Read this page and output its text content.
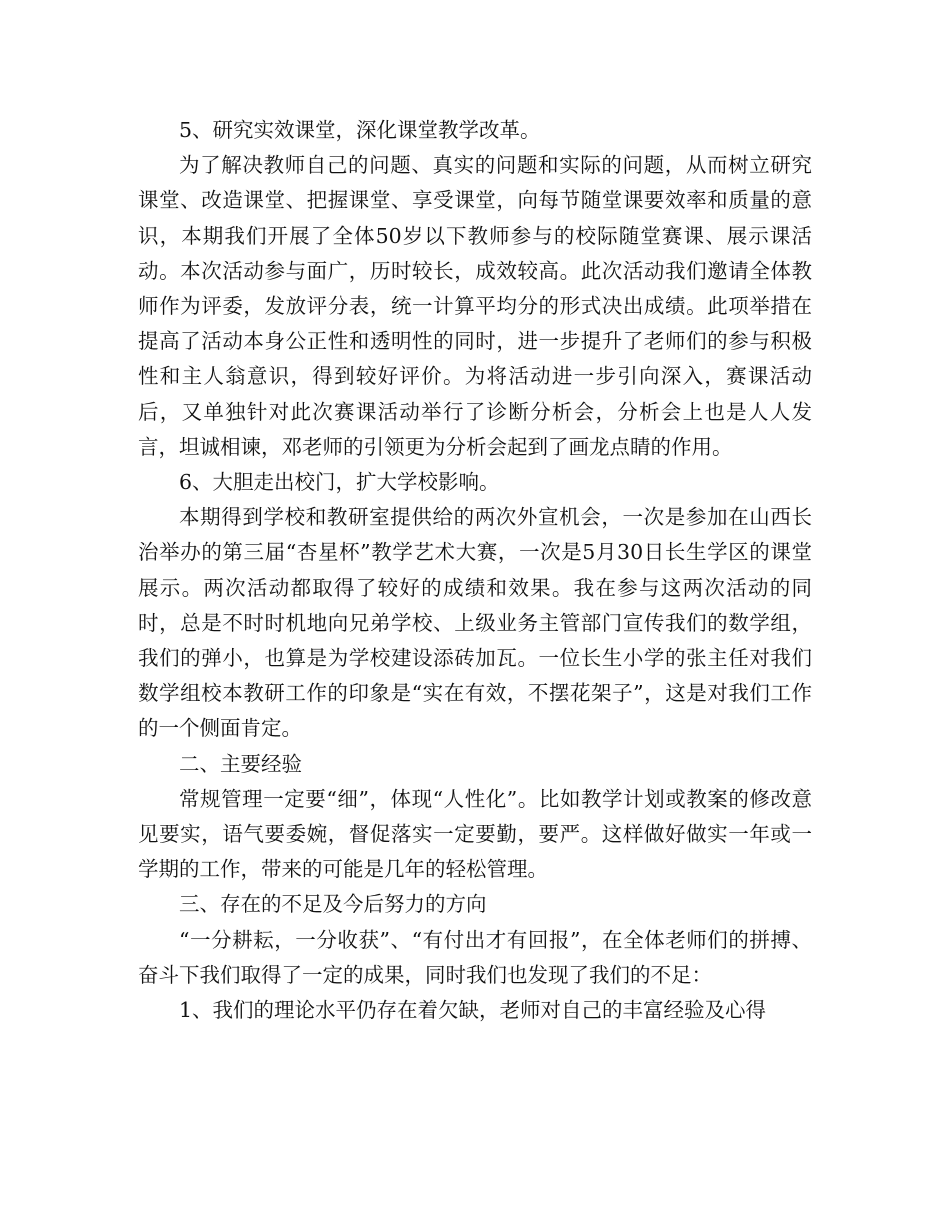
5、研究实效课堂，深化课堂教学改革。

为了解决教师自己的问题、真实的问题和实际的问题，从而树立研究课堂、改造课堂、把握课堂、享受课堂，向每节随堂课要效率和质量的意识，本期我们开展了全体50岁以下教师参与的校际随堂赛课、展示课活动。本次活动参与面广，历时较长，成效较高。此次活动我们邀请全体教师作为评委，发放评分表，统一计算平均分的形式决出成绩。此项举措在提高了活动本身公正性和透明性的同时，进一步提升了老师们的参与积极性和主人翁意识，得到较好评价。为将活动进一步引向深入，赛课活动后，又单独针对此次赛课活动举行了诊断分析会，分析会上也是人人发言，坦诚相谏，邓老师的引领更为分析会起到了画龙点睛的作用。

6、大胆走出校门，扩大学校影响。

本期得到学校和教研室提供给的两次外宣机会，一次是参加在山西长治举办的第三届“杏星杯”教学艺术大赛，一次是5月30日长生学区的课堂展示。两次活动都取得了较好的成绩和效果。我在参与这两次活动的同时，总是不时时机地向兄弟学校、上级业务主管部门宣传我们的数学组，我们的弹小，也算是为学校建设添砖加瓦。一位长生小学的张主任对我们数学组校本教研工作的印象是“实在有效，不摆花架子”，这是对我们工作的一个侧面肯定。

二、主要经验

常规管理一定要“细”，体现“人性化”。比如教学计划或教案的修改意见要实，语气要委婉，督促落实一定要勤，要严。这样做好做实一年或一学期的工作，带来的可能是几年的轻松管理。

三、存在的不足及今后努力的方向

“一分耕耘，一分收获”、“有付出才有回报”，在全体老师们的拼搏、奋斗下我们取得了一定的成果，同时我们也发现了我们的不足：

1、我们的理论水平仍存在着欠缺，老师对自己的丰富经验及心得
